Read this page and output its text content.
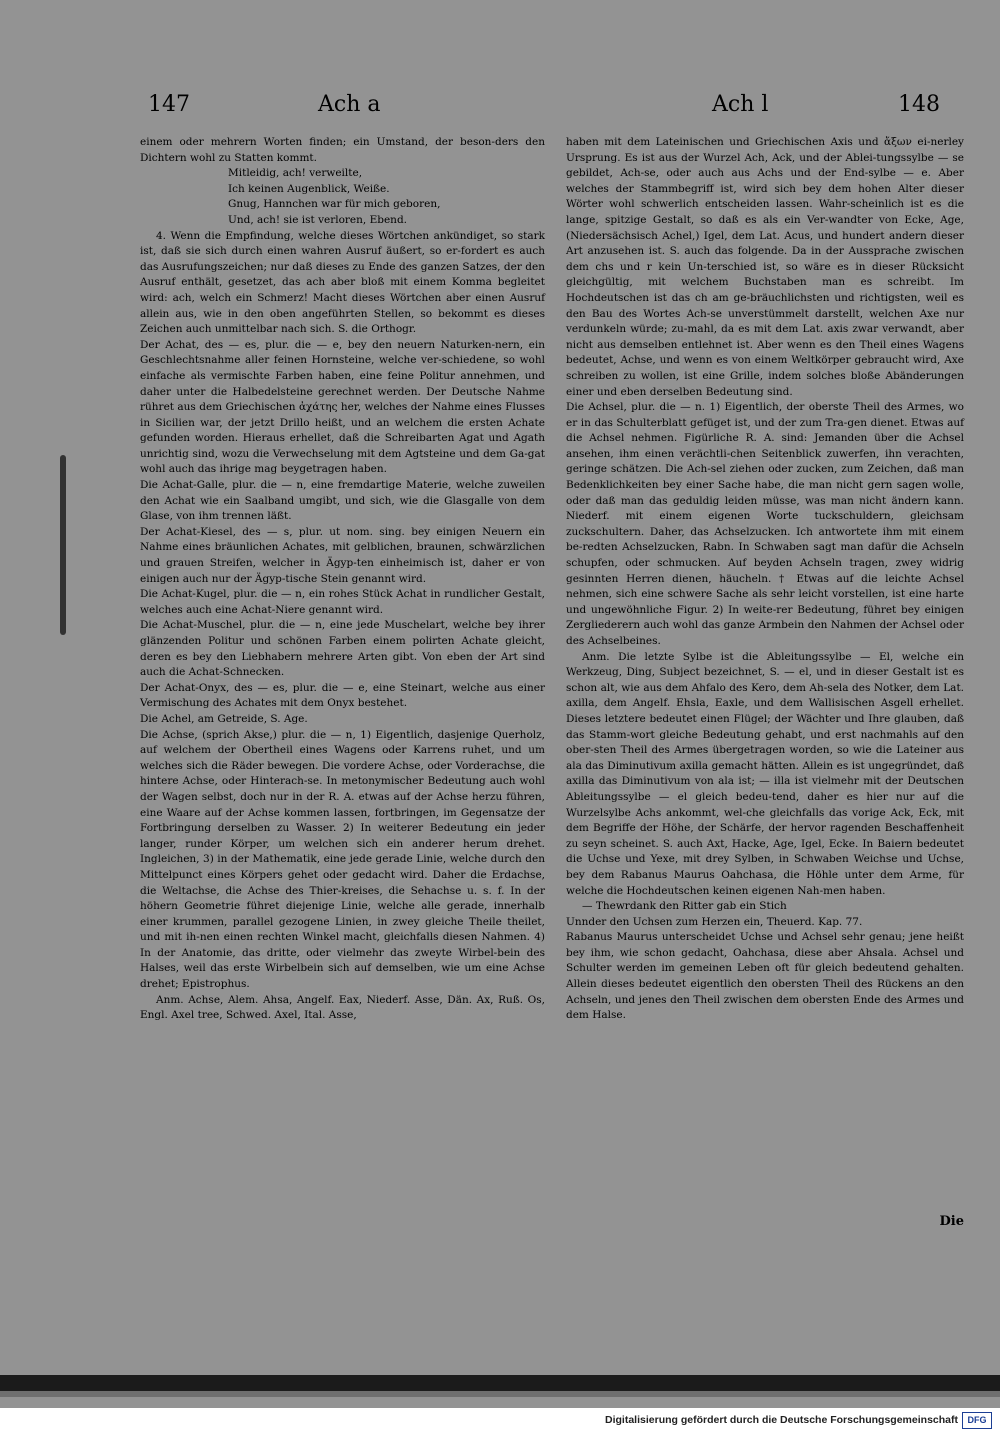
147	Ach a	Ach l	148

einem oder mehrern Worten finden; ein Umstand, der beson-ders den Dichtern wohl zu Statten kommt.

Mitleidig, ach! verweilte,

Ich keinen Augenblick, Weiße.

Gnug, Hannchen war für mich geboren,

Und, ach! sie ist verloren, Ebend.

4. Wenn die Empfindung, welche dieses Wörtchen ankündiget, so stark ist, daß sie sich durch einen wahren Ausruf äußert, so er-fordert es auch das Ausrufungszeichen; nur daß dieses zu Ende des ganzen Satzes, der den Ausruf enthält, gesetzet, das ach aber bloß mit einem Komma begleitet wird: ach, welch ein Schmerz! Macht dieses Wörtchen aber einen Ausruf allein aus, wie in den oben angeführten Stellen, so bekommt es dieses Zeichen auch unmittelbar nach sich. S. die Orthogr.

Der Achat, des — es, plur. die — e, bey den neuern Naturken-nern, ein Geschlechtsnahme aller feinen Hornsteine, welche ver-schiedene, so wohl einfache als vermischte Farben haben, eine feine Politur annehmen, und daher unter die Halbedelsteine gerechnet werden. Der Deutsche Nahme rühret aus dem Griechischen ἀχάτης her, welches der Nahme eines Flusses in Sicilien war, der jetzt Drillo heißt, und an welchem die ersten Achate gefunden worden. Hieraus erhellet, daß die Schreibarten Agat und Agath unrichtig sind, wozu die Verwechselung mit dem Agtsteine und dem Ga-gat wohl auch das ihrige mag beygetragen haben.

Die Achat-Galle, plur. die — n, eine fremdartige Materie, welche zuweilen den Achat wie ein Saalband umgibt, und sich, wie die Glasgalle von dem Glase, von ihm trennen läßt.

Der Achat-Kiesel, des — s, plur. ut nom. sing. bey einigen Neuern ein Nahme eines bräunlichen Achates, mit gelblichen, braunen, schwärzlichen und grauen Streifen, welcher in Ägyp-ten einheimisch ist, daher er von einigen auch nur der Ägyp-tische Stein genannt wird.

Die Achat-Kugel, plur. die — n, ein rohes Stück Achat in rundlicher Gestalt, welches auch eine Achat-Niere genannt wird.

Die Achat-Muschel, plur. die — n, eine jede Muschelart, welche bey ihrer glänzenden Politur und schönen Farben einem polirten Achate gleicht, deren es bey den Liebhabern mehrere Arten gibt. Von eben der Art sind auch die Achat-Schnecken.

Der Achat-Onyx, des — es, plur. die — e, eine Steinart, welche aus einer Vermischung des Achates mit dem Onyx bestehet.

Die Achel, am Getreide, S. Age.

Die Achse, (sprich Akse,) plur. die — n, 1) Eigentlich, dasjenige Querholz, auf welchem der Obertheil eines Wagens oder Karrens ruhet, und um welches sich die Räder bewegen. Die vordere Achse, oder Vorderachse, die hintere Achse, oder Hinterach-se. In metonymischer Bedeutung auch wohl der Wagen selbst, doch nur in der R. A. etwas auf der Achse herzu führen, eine Waare auf der Achse kommen lassen, fortbringen, im Gegensatze der Fortbringung derselben zu Wasser. 2) In weiterer Bedeutung ein jeder langer, runder Körper, um welchen sich ein anderer herum drehet. Ingleichen, 3) in der Mathematik, eine jede gerade Linie, welche durch den Mittelpunct eines Körpers gehet oder gedacht wird. Daher die Erdachse, die Weltachse, die Achse des Thier-kreises, die Sehachse u. s. f. In der höhern Geometrie führet diejenige Linie, welche alle gerade, innerhalb einer krummen, parallel gezogene Linien, in zwey gleiche Theile theilet, und mit ih-nen einen rechten Winkel macht, gleichfalls diesen Nahmen. 4) In der Anatomie, das dritte, oder vielmehr das zweyte Wirbel-bein des Halses, weil das erste Wirbelbein sich auf demselben, wie um eine Achse drehet; Epistrophus.

Anm. Achse, Alem. Ahsa, Angelf. Eax, Niederf. Asse, Dän. Ax, Ruß. Os, Engl. Axel tree, Schwed. Axel, Ital. Asse,

haben mit dem Lateinischen und Griechischen Axis und ἄξων ei-nerley Ursprung. Es ist aus der Wurzel Ach, Ack, und der Ablei-tungssylbe — se gebildet, Ach-se, oder auch aus Achs und der End-sylbe — e. Aber welches der Stammbegriff ist, wird sich bey dem hohen Alter dieser Wörter wohl schwerlich entscheiden lassen. Wahr-scheinlich ist es die lange, spitzige Gestalt, so daß es als ein Ver-wandter von Ecke, Age, (Niedersächsisch Achel,) Igel, dem Lat. Acus, und hundert andern dieser Art anzusehen ist. S. auch das folgende. Da in der Aussprache zwischen dem chs und r kein Un-terschied ist, so wäre es in dieser Rücksicht gleichgültig, mit welchem Buchstaben man es schreibt. Im Hochdeutschen ist das ch am ge-bräuchlichsten und richtigsten, weil es den Bau des Wortes Ach-se unverstümmelt darstellt, welchen Axe nur verdunkeln würde; zu-mahl, da es mit dem Lat. axis zwar verwandt, aber nicht aus demselben entlehnet ist. Aber wenn es den Theil eines Wagens bedeutet, Achse, und wenn es von einem Weltkörper gebraucht wird, Axe schreiben zu wollen, ist eine Grille, indem solches bloße Abänderungen einer und eben derselben Bedeutung sind.

Die Achsel, plur. die — n. 1) Eigentlich, der oberste Theil des Armes, wo er in das Schulterblatt gefüget ist, und der zum Tra-gen dienet. Etwas auf die Achsel nehmen. Figürliche R. A. sind: Jemanden über die Achsel ansehen, ihm einen verächtli-chen Seitenblick zuwerfen, ihn verachten, geringe schätzen. Die Ach-sel ziehen oder zucken, zum Zeichen, daß man Bedenklichkeiten bey einer Sache habe, die man nicht gern sagen wolle, oder daß man das geduldig leiden müsse, was man nicht ändern kann. Niederf. mit einem eigenen Worte tuckschuldern, gleichsam zuckschultern. Daher, das Achselzucken. Ich antwortete ihm mit einem be-redten Achselzucken, Rabn. In Schwaben sagt man dafür die Achseln schupfen, oder schmucken. Auf beyden Achseln tragen, zwey widrig gesinnten Herren dienen, häucheln. † Etwas auf die leichte Achsel nehmen, sich eine schwere Sache als sehr leicht vorstellen, ist eine harte und ungewöhnliche Figur. 2) In weite-rer Bedeutung, führet bey einigen Zergliederern auch wohl das ganze Armbein den Nahmen der Achsel oder des Achselbeines.

Anm. Die letzte Sylbe ist die Ableitungssylbe — El, welche ein Werkzeug, Ding, Subject bezeichnet, S. — el, und in dieser Gestalt ist es schon alt, wie aus dem Ahfalo des Kero, dem Ah-sela des Notker, dem Lat. axilla, dem Angelf. Ehsla, Eaxle, und dem Wallisischen Asgell erhellet. Dieses letztere bedeutet einen Flügel; der Wächter und Ihre glauben, daß das Stamm-wort gleiche Bedeutung gehabt, und erst nachmahls auf den ober-sten Theil des Armes übergetragen worden, so wie die Lateiner aus ala das Diminutivum axilla gemacht hätten. Allein es ist ungegründet, daß axilla das Diminutivum von ala ist; — illa ist vielmehr mit der Deutschen Ableitungssylbe — el gleich bedeu-tend, daher es hier nur auf die Wurzelsylbe Achs ankommt, wel-che gleichfalls das vorige Ack, Eck, mit dem Begriffe der Höhe, der Schärfe, der hervor ragenden Beschaffenheit zu seyn scheinet. S. auch Axt, Hacke, Age, Igel, Ecke. In Baiern bedeutet die Uchse und Yexe, mit drey Sylben, in Schwaben Weichse und Uchse, bey dem Rabanus Maurus Oahchasa, die Höhle unter dem Arme, für welche die Hochdeutschen keinen eigenen Nah-men haben.

— Thewrdank den Ritter gab ein Stich

Unnder den Uchsen zum Herzen ein, Theuerd. Kap. 77.

Rabanus Maurus unterscheidet Uchse und Achsel sehr genau; jene heißt bey ihm, wie schon gedacht, Oahchasa, diese aber Ahsala. Achsel und Schulter werden im gemeinen Leben oft für gleich bedeutend gehalten. Allein dieses bedeutet eigentlich den obersten Theil des Rückens an den Achseln, und jenes den Theil zwischen dem obersten Ende des Armes und dem Halse.

Die
Digitalisierung gefördert durch die Deutsche Forschungsgemeinschaft	DFG
